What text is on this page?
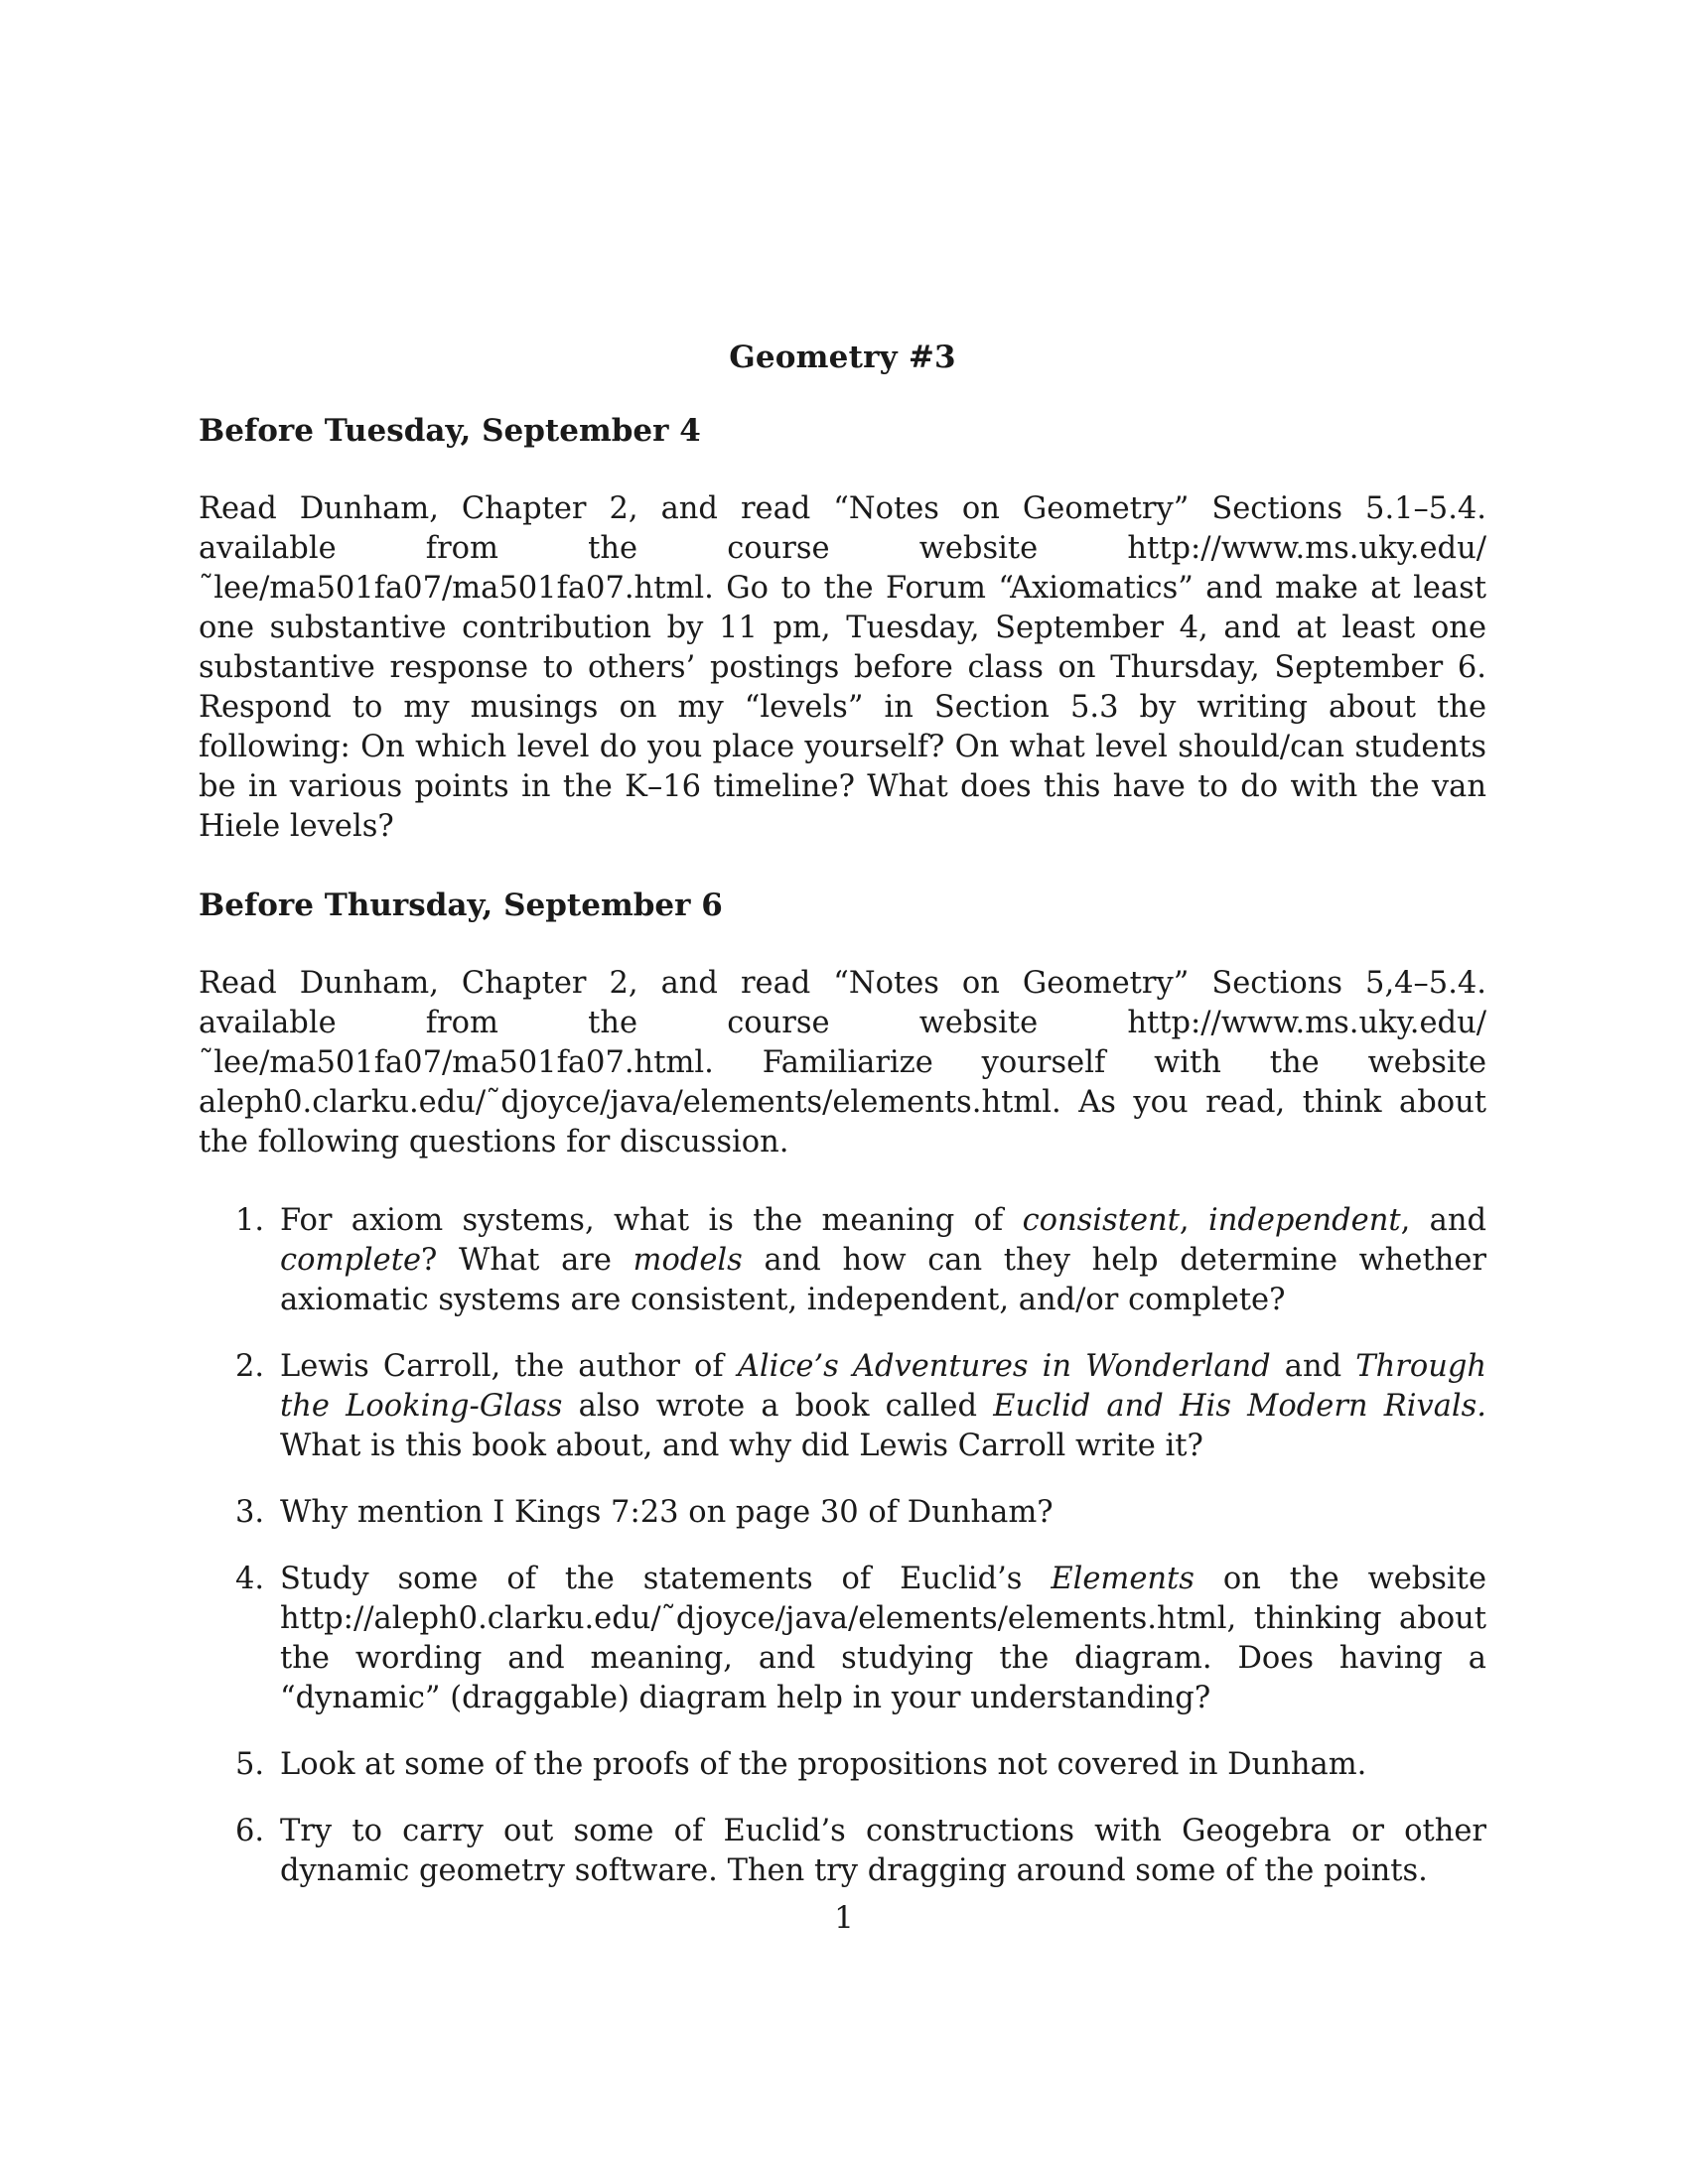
Geometry #3
Before Tuesday, September 4
Read Dunham, Chapter 2, and read “Notes on Geometry” Sections 5.1–5.4. available from the course website http://www.ms.uky.edu/˜lee/ma501fa07/ma501fa07.html. Go to the Forum “Axiomatics” and make at least one substantive contribution by 11 pm, Tuesday, September 4, and at least one substantive response to others’ postings before class on Thursday, September 6. Respond to my musings on my “levels” in Section 5.3 by writing about the following: On which level do you place yourself? On what level should/can students be in various points in the K–16 timeline? What does this have to do with the van Hiele levels?
Before Thursday, September 6
Read Dunham, Chapter 2, and read “Notes on Geometry” Sections 5,4–5.4. available from the course website http://www.ms.uky.edu/˜lee/ma501fa07/ma501fa07.html. Familiarize yourself with the website aleph0.clarku.edu/˜djoyce/java/elements/elements.html. As you read, think about the following questions for discussion.
1. For axiom systems, what is the meaning of consistent, independent, and complete? What are models and how can they help determine whether axiomatic systems are consistent, independent, and/or complete?
2. Lewis Carroll, the author of Alice’s Adventures in Wonderland and Through the Looking-Glass also wrote a book called Euclid and His Modern Rivals. What is this book about, and why did Lewis Carroll write it?
3. Why mention I Kings 7:23 on page 30 of Dunham?
4. Study some of the statements of Euclid’s Elements on the website http://aleph0.clarku.edu/˜djoyce/java/elements/elements.html, thinking about the wording and meaning, and studying the diagram. Does having a “dynamic” (draggable) diagram help in your understanding?
5. Look at some of the proofs of the propositions not covered in Dunham.
6. Try to carry out some of Euclid’s constructions with Geogebra or other dynamic geometry software. Then try dragging around some of the points.
1
